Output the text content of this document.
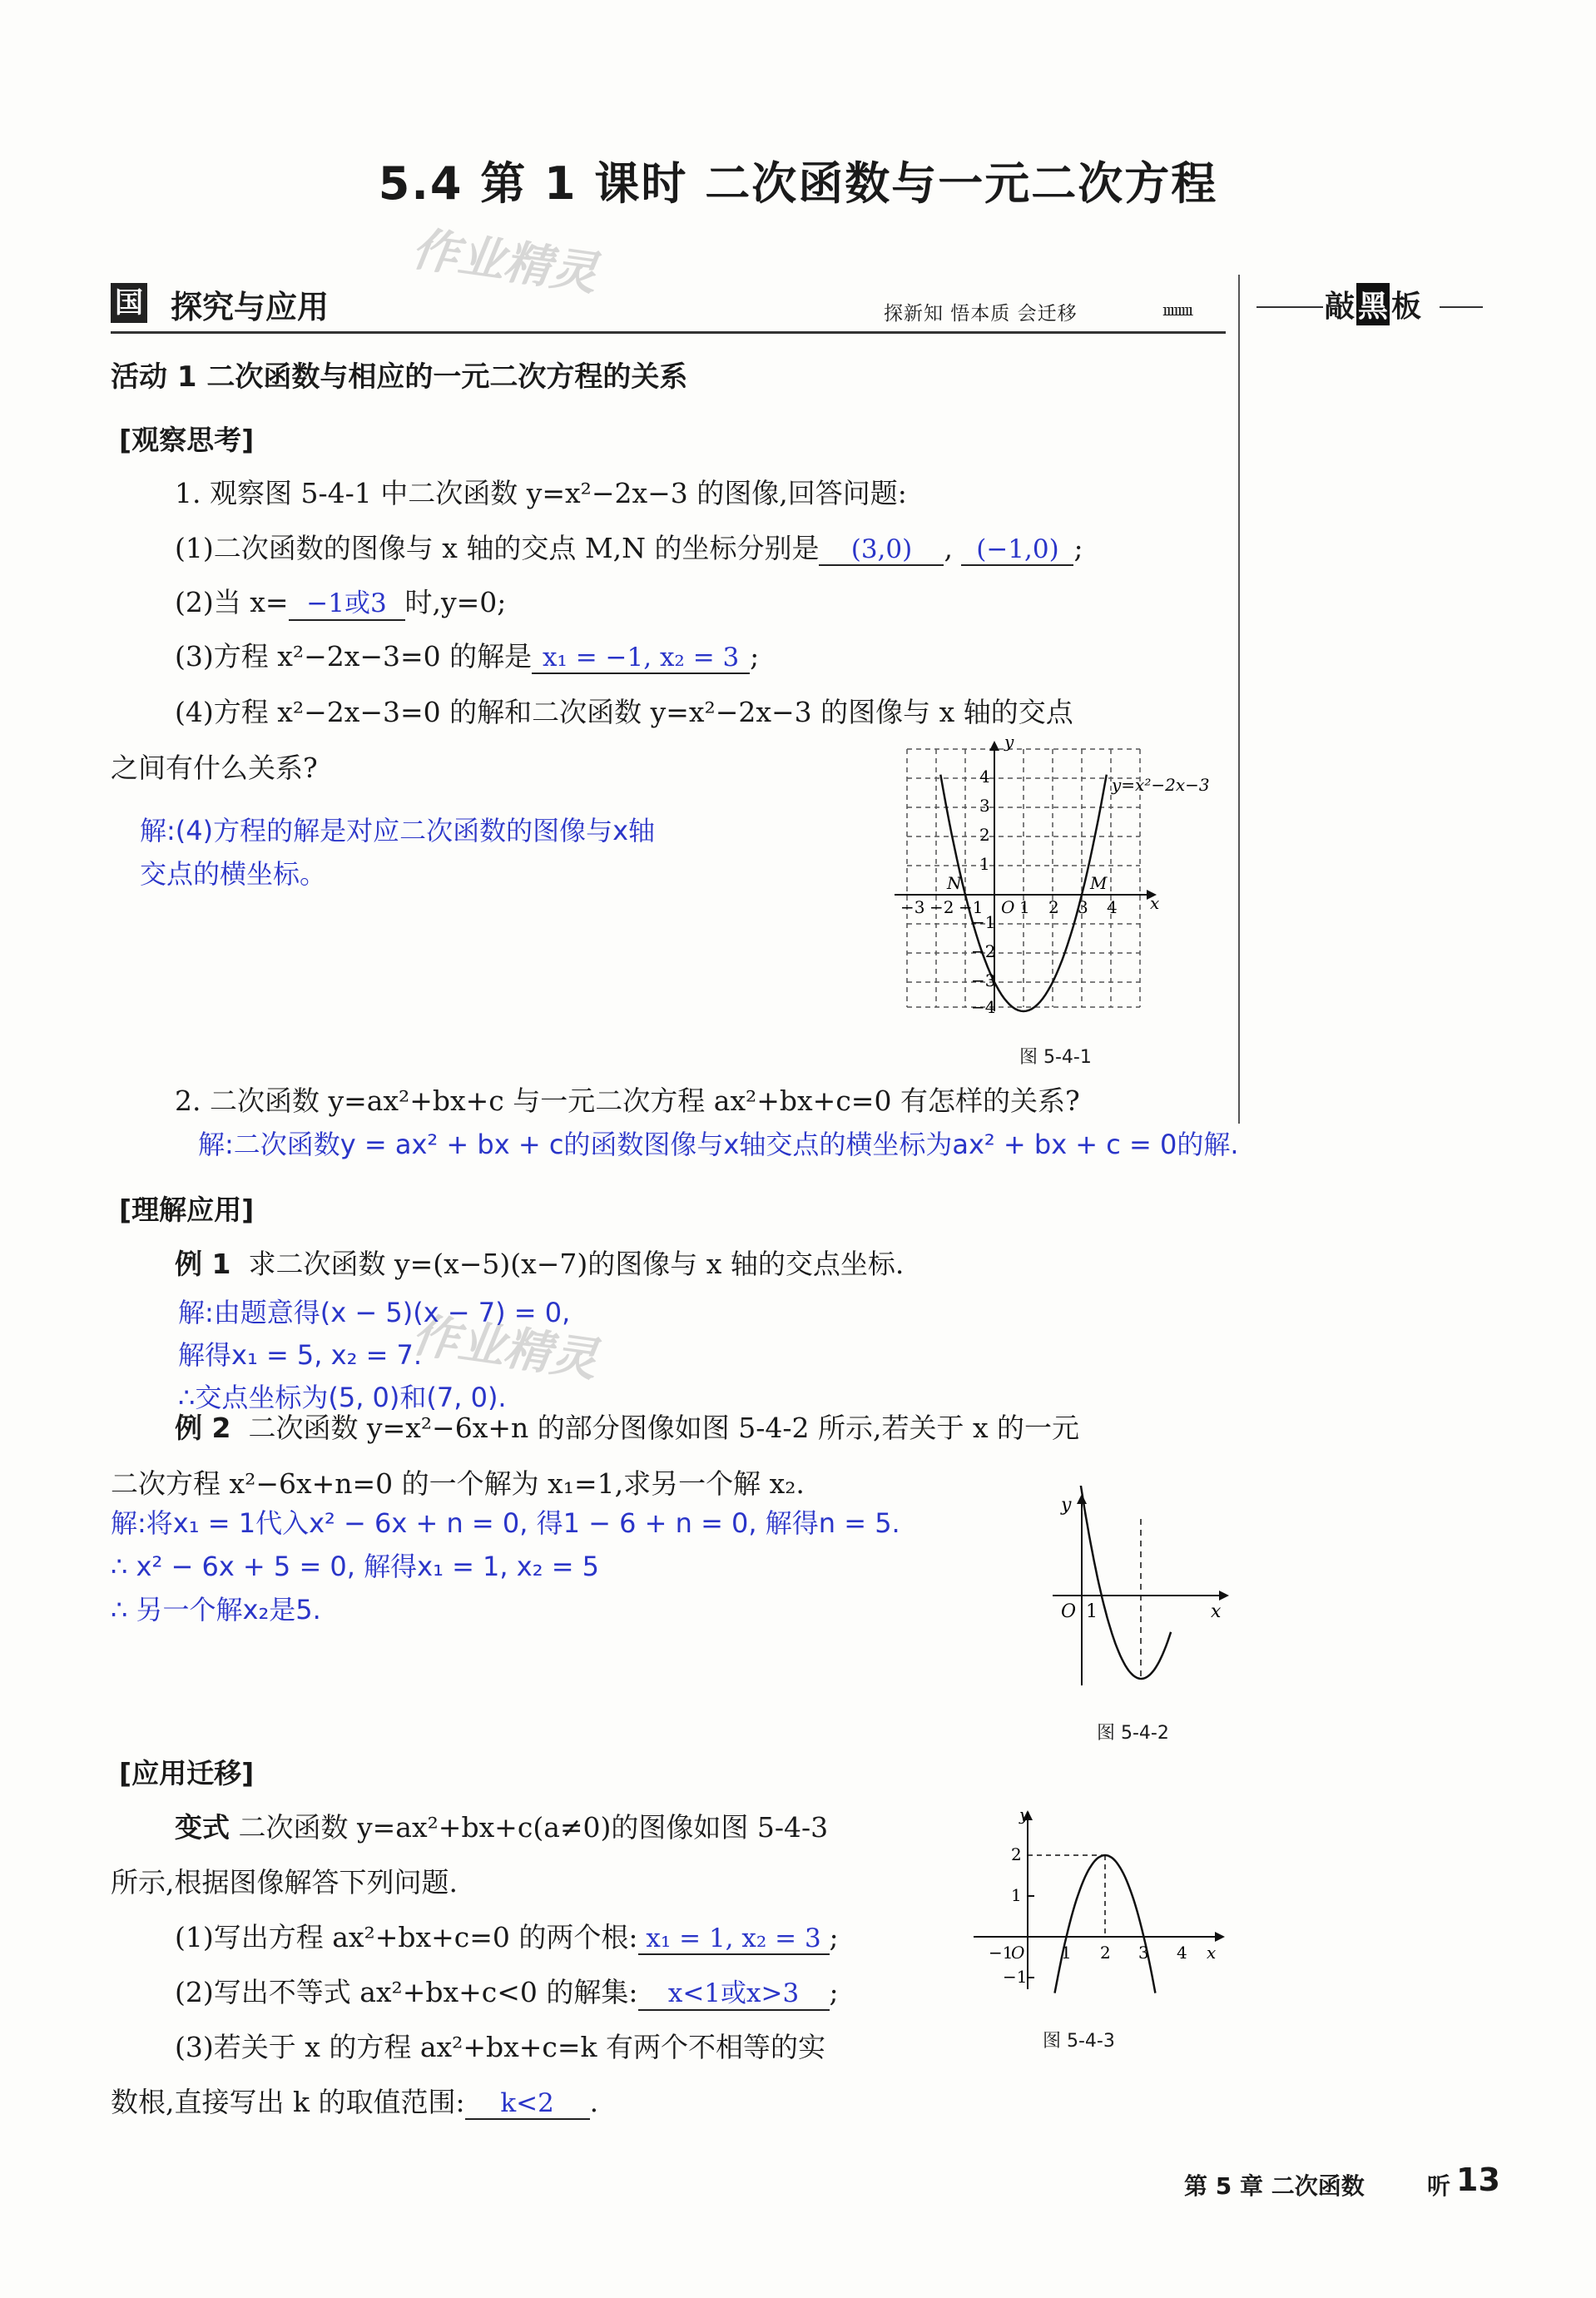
5.4 第 1 课时 二次函数与一元二次方程
作业精灵
作业精灵
国 探究与应用	探新知 悟本质 会迁移	ıııııııı	敲 黑 板
活动 1 二次函数与相应的一元二次方程的关系
[观察思考]
1. 观察图 5-4-1 中二次函数 y=x²−2x−3 的图像,回答问题:
(1)二次函数的图像与 x 轴的交点 M,N 的坐标分别是 (3,0) , (−1,0) ;
(2)当 x= −1或3 时,y=0;
(3)方程 x²−2x−3=0 的解是 x₁ = −1, x₂ = 3 ;
(4)方程 x²−2x−3=0 的解和二次函数 y=x²−2x−3 的图像与 x 轴的交点
之间有什么关系?
解:(4)方程的解是对应二次函数的图像与x轴
交点的横坐标。
y
x
y=x²−2x−3
−3 −2 −1 O 1 2 3 4
4
3
2
1
−1
−2
−3
−4
N	M
图 5-4-1
2. 二次函数 y=ax²+bx+c 与一元二次方程 ax²+bx+c=0 有怎样的关系?
解:二次函数y = ax² + bx + c的函数图像与x轴交点的横坐标为ax² + bx + c = 0的解.
[理解应用]
例 1 求二次函数 y=(x−5)(x−7)的图像与 x 轴的交点坐标.
解:由题意得(x − 5)(x − 7) = 0,
解得x₁ = 5, x₂ = 7.
∴交点坐标为(5, 0)和(7, 0).
例 2 二次函数 y=x²−6x+n 的部分图像如图 5-4-2 所示,若关于 x 的一元
二次方程 x²−6x+n=0 的一个解为 x₁=1,求另一个解 x₂.
解:将x₁ = 1代入x² − 6x + n = 0, 得1 − 6 + n = 0, 解得n = 5.
∴ x² − 6x + 5 = 0, 解得x₁ = 1, x₂ = 5
∴ 另一个解x₂是5.
y
O 1	x
图 5-4-2
[应用迁移]
变式 二次函数 y=ax²+bx+c(a≠0)的图像如图 5-4-3
所示,根据图像解答下列问题.
(1)写出方程 ax²+bx+c=0 的两个根: x₁ = 1, x₂ = 3 ;
(2)写出不等式 ax²+bx+c<0 的解集: x<1或x>3 ;
(3)若关于 x 的方程 ax²+bx+c=k 有两个不相等的实
数根,直接写出 k 的取值范围: k<2 .
y
x
−1
O 1 2 3 4
2
1
−1
图 5-4-3
第 5 章 二次函数	听 13
